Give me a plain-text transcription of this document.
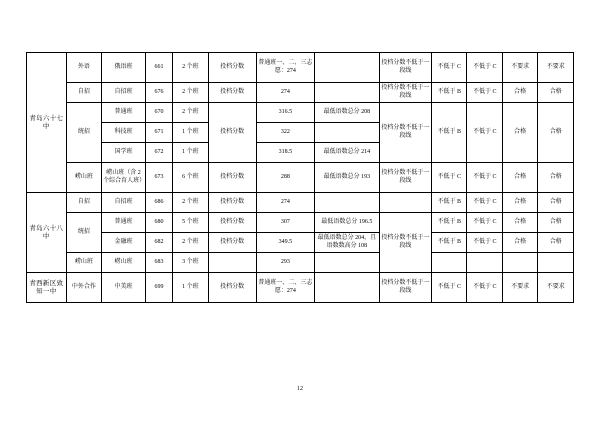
青岛六十七中	外语	俄语班	661	2 个班	投档分数	普通班一、二、三志愿：274		投档分数不低于一段线	不低于 C	不低于 C	不要求	不要求
	自招	自招班	676	2 个班	投档分数	274		投档分数不低于一段线	不低于 B	不低于 C	合格	合格
	统招	普通班	670	2 个班	投档分数	316.5	最低语数总分 208	投档分数不低于一段线	不低于 B	不低于 C	合格	合格
		科技班	671	1 个班		322						
		国学班	672	1 个班		318.5	最低语数总分 214					
	崂山班	崂山班（含 2 个综合育人班）	673	6 个班	投档分数	288	最低语数总分 193	投档分数不低于一段线	不低于 C	不低于 C	合格	合格
青岛六十八中	自招	自招班	686	2 个班	投档分数	274			不低于 B	不低于 C	合格	合格
	统招	普通班	680	5 个班	投档分数	307	最低语数总分 196.5	投档分数不低于一段线	不低于 B	不低于 C	合格	合格
		金融班	682	2 个班	投档分数	349.5	最低语数总分 204，且语数数高分 108		不低于 B	不低于 C	合格	合格
	崂山班	崂山班	683	3 个班		293						
青西新区致知一中	中外合作	中美班	699	1 个班	投档分数	普通班一、二、三志愿：274		投档分数不低于一段线	不低于 C	不低于 C	不要求	不要求
12
